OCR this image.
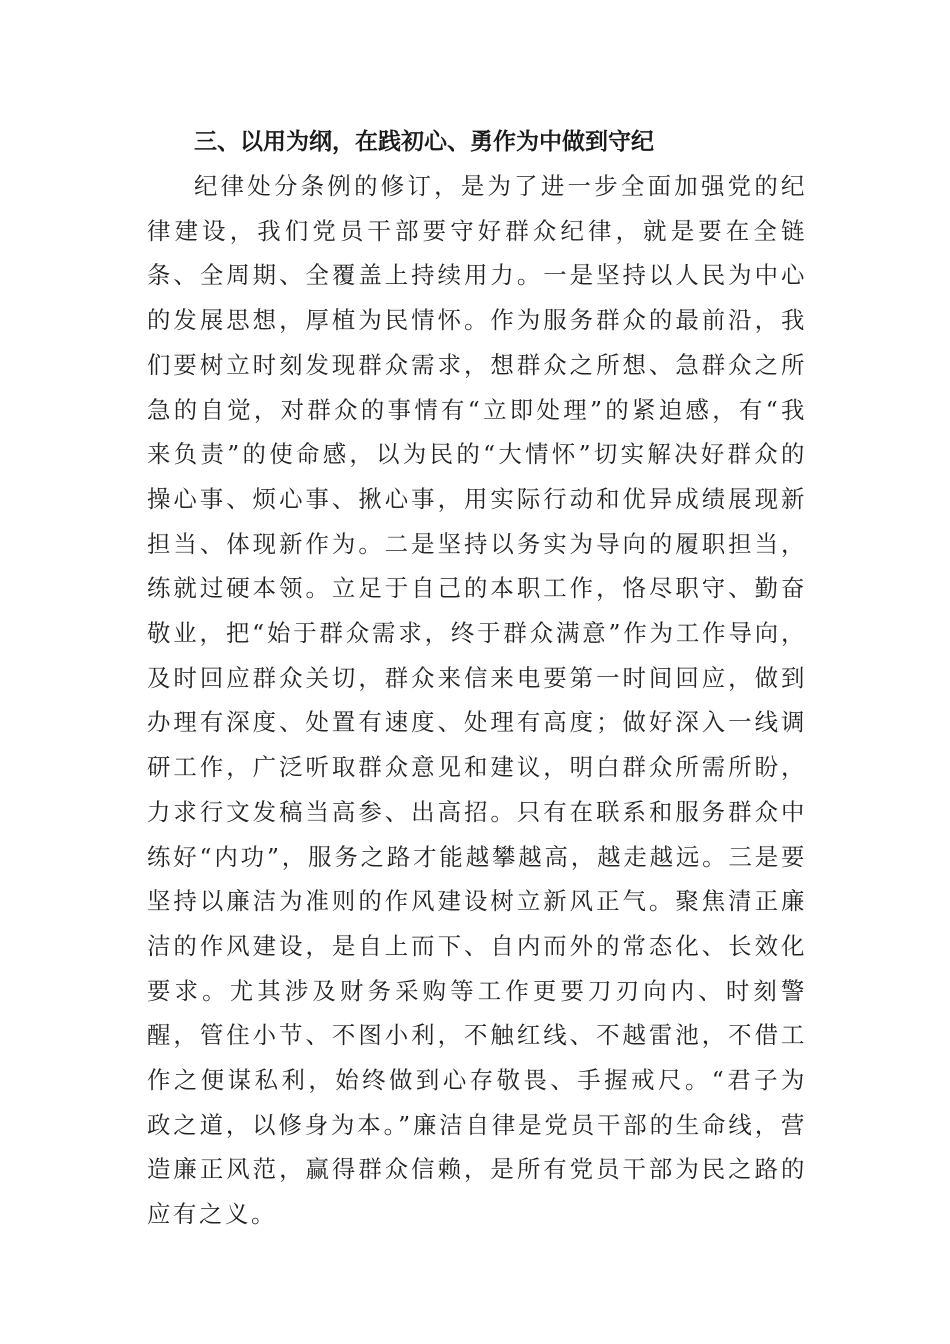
三、以用为纲，在践初心、勇作为中做到守纪

纪律处分条例的修订，是为了进一步全面加强党的纪律建设，我们党员干部要守好群众纪律，就是要在全链条、全周期、全覆盖上持续用力。一是坚持以人民为中心的发展思想，厚植为民情怀。作为服务群众的最前沿，我们要树立时刻发现群众需求，想群众之所想、急群众之所急的自觉，对群众的事情有“立即处理”的紧迫感，有“我来负责”的使命感，以为民的“大情怀”切实解决好群众的操心事、烦心事、揪心事，用实际行动和优异成绩展现新担当、体现新作为。二是坚持以务实为导向的履职担当，练就过硬本领。立足于自己的本职工作，恪尽职守、勤奋敬业，把“始于群众需求，终于群众满意”作为工作导向，及时回应群众关切，群众来信来电要第一时间回应，做到办理有深度、处置有速度、处理有高度；做好深入一线调研工作，广泛听取群众意见和建议，明白群众所需所盼，力求行文发稿当高参、出高招。只有在联系和服务群众中练好“内功”，服务之路才能越攀越高，越走越远。三是要坚持以廉洁为准则的作风建设树立新风正气。聚焦清正廉洁的作风建设，是自上而下、自内而外的常态化、长效化要求。尤其涉及财务采购等工作更要刀刃向内、时刻警醒，管住小节、不图小利，不触红线、不越雷池，不借工作之便谋私利，始终做到心存敬畏、手握戒尺。“君子为政之道，以修身为本。”廉洁自律是党员干部的生命线，营造廉正风范，赢得群众信赖，是所有党员干部为民之路的应有之义。
